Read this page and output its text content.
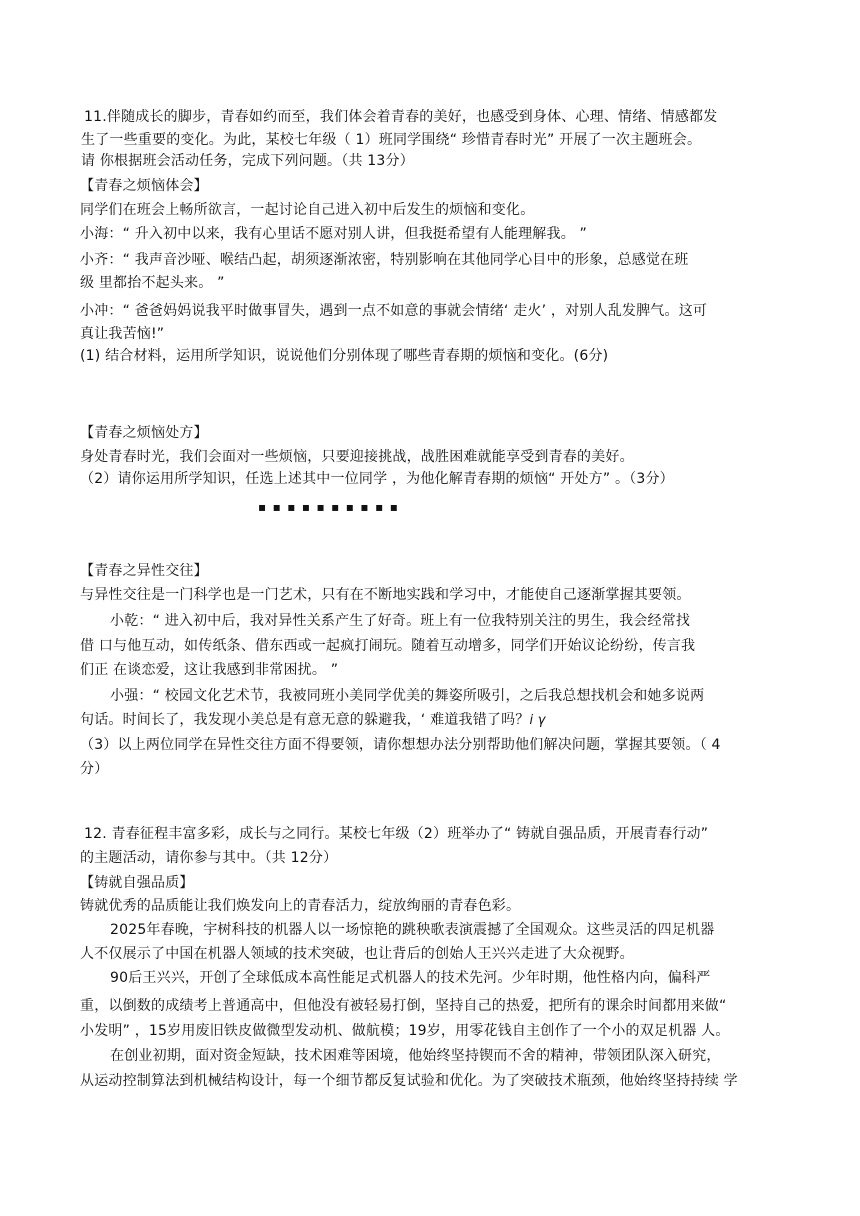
11.伴随成长的脚步，青春如约而至，我们体会着青春的美好，也感受到身体、心理、情绪、情感都发
生了一些重要的变化。为此，某校七年级（ 1）班同学围绕“ 珍惜青春时光” 开展了一次主题班会。
请 你根据班会活动任务，完成下列问题。（共 13分）
【青春之烦恼体会】
同学们在班会上畅所欲言，一起讨论自己进入初中后发生的烦恼和变化。
小海：“ 升入初中以来，我有心里话不愿对别人讲，但我挺希望有人能理解我。 ”
小齐：“ 我声音沙哑、喉结凸起，胡须逐渐浓密，特别影响在其他同学心目中的形象，总感觉在班
级 里都抬不起头来。 ”
小冲：“ 爸爸妈妈说我平时做事冒失，遇到一点不如意的事就会情绪‘ 走火’ ，对别人乱发脾气。这可
真让我苦恼!”
(1) 结合材料，运用所学知识，说说他们分别体现了哪些青春期的烦恼和变化。(6分)
【青春之烦恼处方】
身处青春时光，我们会面对一些烦恼，只要迎接挑战，战胜困难就能享受到青春的美好。
（2）请你运用所学知识，任选上述其中一位同学 ，为他化解青春期的烦恼“ 开处方” 。（3分）
▪▪▪▪▪▪▪▪▪▪
【青春之异性交往】
与异性交往是一门科学也是一门艺术，只有在不断地实践和学习中，才能使自己逐渐掌握其要领。
小乾：“ 进入初中后，我对异性关系产生了好奇。班上有一位我特别关注的男生，我会经常找
借 口与他互动，如传纸条、借东西或一起疯打闹玩。随着互动增多，同学们开始议论纷纷，传言我
们正 在谈恋爱，这让我感到非常困扰。 ”
小强：“ 校园文化艺术节，我被同班小美同学优美的舞姿所吸引，之后我总想找机会和她多说两
句话。时间长了，我发现小美总是有意无意的躲避我，‘ 难道我错了吗？i γ
（3）以上两位同学在异性交往方面不得要领，请你想想办法分别帮助他们解决问题，掌握其要领。（ 4
分）
12. 青春征程丰富多彩，成长与之同行。某校七年级（2）班举办了“ 铸就自强品质，开展青春行动”
的主题活动，请你参与其中。（共 12分）
【铸就自强品质】
铸就优秀的品质能让我们焕发向上的青春活力，绽放绚丽的青春色彩。
2025年春晚，宇树科技的机器人以一场惊艳的跳秧歌表演震撼了全国观众。这些灵活的四足机器
人不仅展示了中国在机器人领域的技术突破，也让背后的创始人王兴兴走进了大众视野。
90后王兴兴，开创了全球低成本高性能足式机器人的技术先河。少年时期，他性格内向，偏科严
重，以倒数的成绩考上普通高中，但他没有被轻易打倒，坚持自己的热爱，把所有的课余时间都用来做“
小发明” ，15岁用废旧铁皮做微型发动机、做航模；19岁，用零花钱自主创作了一个小的双足机器 人。
在创业初期，面对资金短缺，技术困难等困境，他始终坚持锲而不舍的精神，带领团队深入研究，
从运动控制算法到机械结构设计，每一个细节都反复试验和优化。为了突破技术瓶颈，他始终坚持持续 学
